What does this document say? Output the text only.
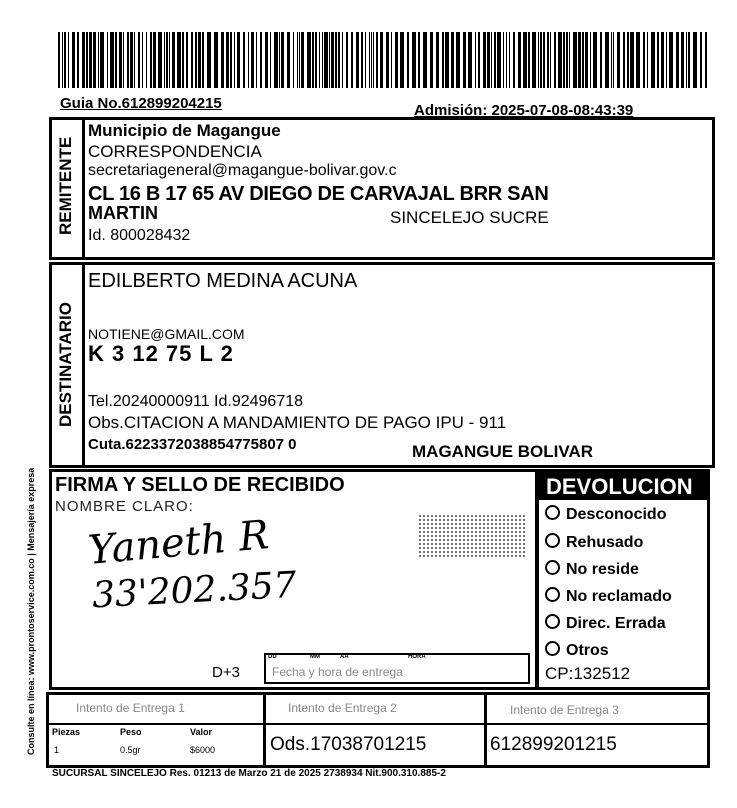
Consulte en línea: www.prontoservice.com.co | Mensajería expresa
Guia No.612899204215	Admisión: 2025-07-08-08:43:39
REMITENTE
Municipio de Magangue
CORRESPONDENCIA
secretariageneral@magangue-bolivar.gov.c
CL 16 B 17 65 AV DIEGO DE CARVAJAL BRR SAN
MARTIN	SINCELEJO SUCRE
Id. 800028432
DESTINATARIO
EDILBERTO MEDINA ACUNA
NOTIENE@GMAIL.COM
K 3 12 75 L 2
Tel.20240000911 Id.92496718
Obs.CITACION A MANDAMIENTO DE PAGO IPU - 911
Cuta.6223372038854775807 0	MAGANGUE BOLIVAR
FIRMA Y SELLO DE RECIBIDO
NOMBRE CLARO:
Yaneth R
33'202.357
D+3
DD	MM	AA	HORA
Fecha y hora de entrega
DEVOLUCION
Desconocido
Rehusado
No reside
No reclamado
Direc. Errada
Otros
CP:132512
Intento de Entrega 1	Intento de Entrega 2	Intento de Entrega 3
Piezas	Peso	Valor
1	0.5gr	$6000	Ods.17038701215	612899201215
SUCURSAL SINCELEJO Res. 01213 de Marzo 21 de 2025 2738934 Nit.900.310.885-2
